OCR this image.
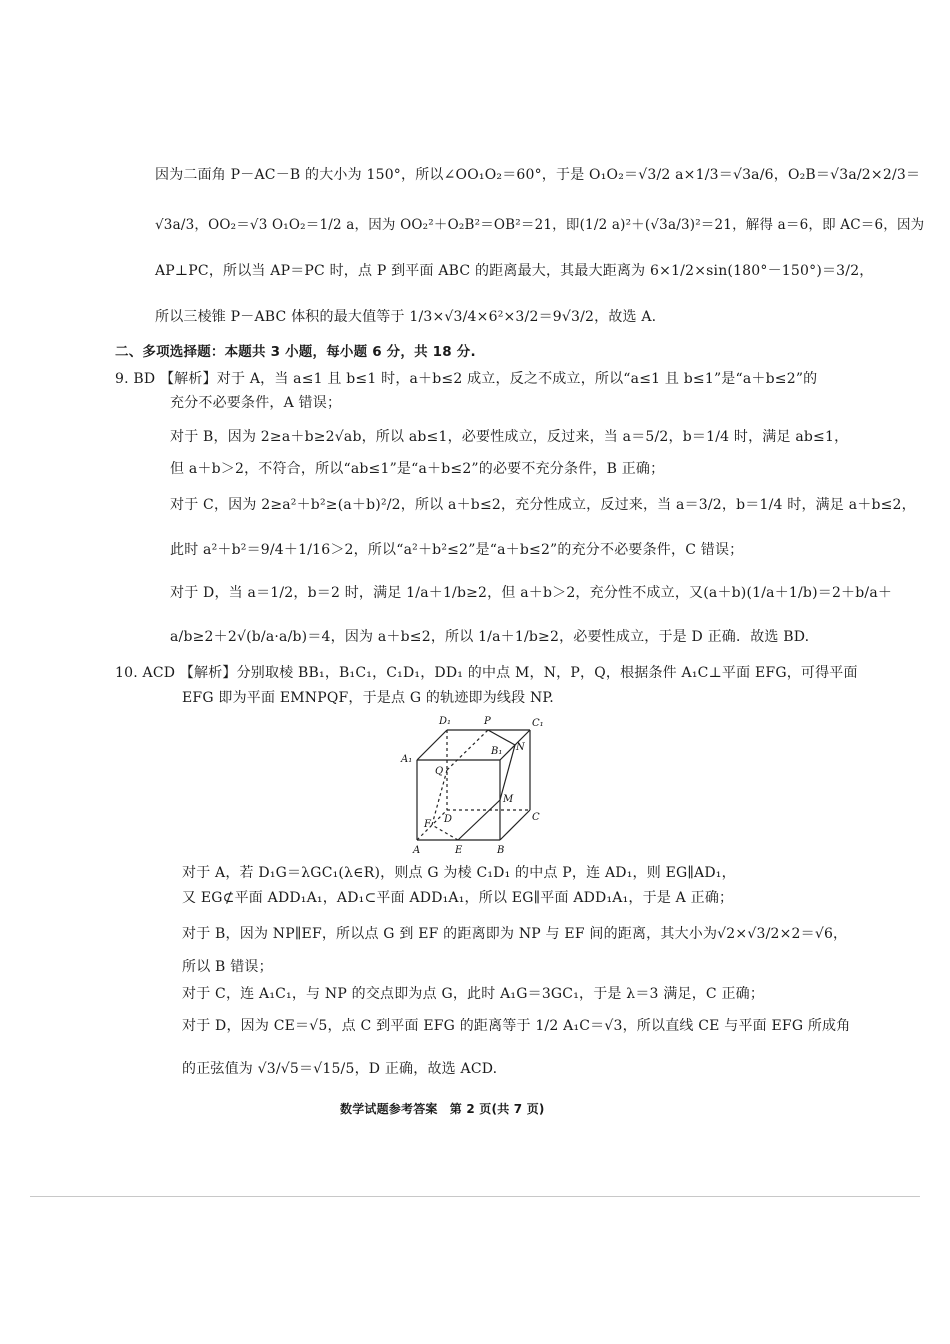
因为二面角 P－AC－B 的大小为 150°，所以∠OO₁O₂＝60°，于是 O₁O₂＝√3/2 a×1/3＝√3a/6，O₂B＝√3a/2×2/3＝
√3a/3，OO₂＝√3 O₁O₂＝1/2 a，因为 OO₂²＋O₂B²＝OB²＝21，即(1/2 a)²＋(√3a/3)²＝21，解得 a＝6，即 AC＝6，因为
AP⊥PC，所以当 AP＝PC 时，点 P 到平面 ABC 的距离最大，其最大距离为 6×1/2×sin(180°－150°)＝3/2，
所以三棱锥 P－ABC 体积的最大值等于 1/3×√3/4×6²×3/2＝9√3/2，故选 A.
二、多项选择题：本题共 3 小题，每小题 6 分，共 18 分.
9. BD 【解析】对于 A，当 a≤1 且 b≤1 时，a＋b≤2 成立，反之不成立，所以“a≤1 且 b≤1”是“a＋b≤2”的
充分不必要条件，A 错误；
对于 B，因为 2≥a＋b≥2√ab，所以 ab≤1，必要性成立，反过来，当 a＝5/2，b＝1/4 时，满足 ab≤1，
但 a＋b＞2，不符合，所以“ab≤1”是“a＋b≤2”的必要不充分条件，B 正确；
对于 C，因为 2≥a²＋b²≥(a＋b)²/2，所以 a＋b≤2，充分性成立，反过来，当 a＝3/2，b＝1/4 时，满足 a＋b≤2，
此时 a²＋b²＝9/4＋1/16＞2，所以“a²＋b²≤2”是“a＋b≤2”的充分不必要条件，C 错误；
对于 D，当 a＝1/2，b＝2 时，满足 1/a＋1/b≥2，但 a＋b＞2，充分性不成立，又(a＋b)(1/a＋1/b)＝2＋b/a＋
a/b≥2＋2√(b/a·a/b)＝4，因为 a＋b≤2，所以 1/a＋1/b≥2，必要性成立，于是 D 正确．故选 BD.
10. ACD 【解析】分别取棱 BB₁，B₁C₁，C₁D₁，DD₁ 的中点 M，N，P，Q，根据条件 A₁C⊥平面 EFG，可得平面
EFG 即为平面 EMNPQF，于是点 G 的轨迹即为线段 NP.
D₁	P	C₁
A₁
B₁ N
Q
M
F D	C
A	E	B
对于 A，若 D₁G＝λGC₁(λ∈R)，则点 G 为棱 C₁D₁ 的中点 P，连 AD₁，则 EG∥AD₁，
又 EG⊄平面 ADD₁A₁，AD₁⊂平面 ADD₁A₁，所以 EG∥平面 ADD₁A₁，于是 A 正确；
对于 B，因为 NP∥EF，所以点 G 到 EF 的距离即为 NP 与 EF 间的距离，其大小为√2×√3/2×2＝√6，
所以 B 错误；
对于 C，连 A₁C₁，与 NP 的交点即为点 G，此时 A₁G＝3GC₁，于是 λ＝3 满足，C 正确；
对于 D，因为 CE＝√5，点 C 到平面 EFG 的距离等于 1/2 A₁C＝√3，所以直线 CE 与平面 EFG 所成角
的正弦值为 √3/√5＝√15/5，D 正确，故选 ACD.
数学试题参考答案　第 2 页(共 7 页)
